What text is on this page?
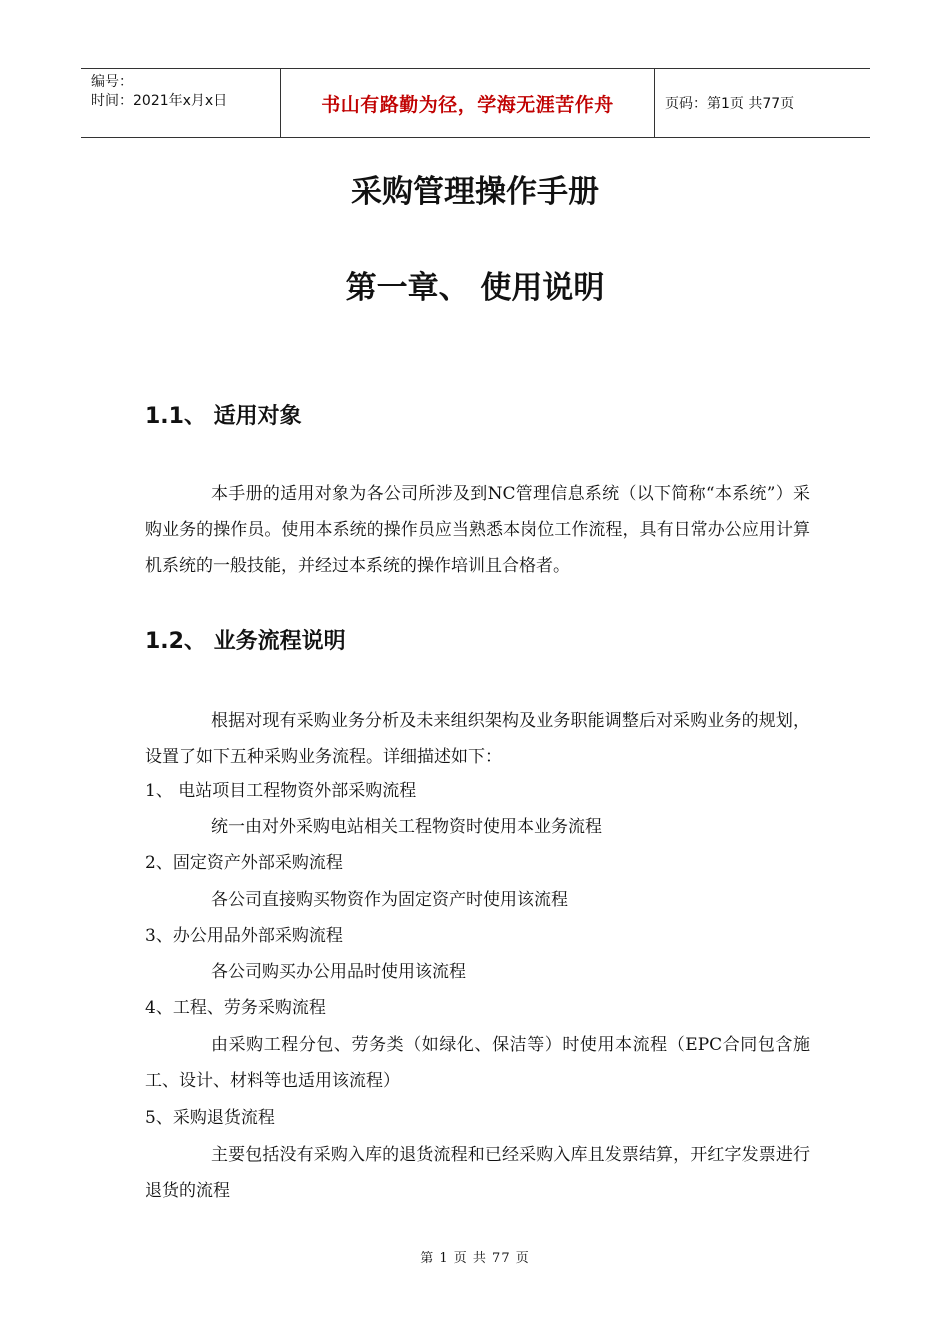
编号：
时间：2021年x月x日	书山有路勤为径，学海无涯苦作舟	页码：第1页 共77页
采购管理操作手册
第一章、 使用说明
1.1、 适用对象
本手册的适用对象为各公司所涉及到NC管理信息系统（以下简称“本系统”）采购业务的操作员。使用本系统的操作员应当熟悉本岗位工作流程，具有日常办公应用计算机系统的一般技能，并经过本系统的操作培训且合格者。
1.2、 业务流程说明
根据对现有采购业务分析及未来组织架构及业务职能调整后对采购业务的规划，设置了如下五种采购业务流程。详细描述如下：
1、 电站项目工程物资外部采购流程
统一由对外采购电站相关工程物资时使用本业务流程
2、固定资产外部采购流程
各公司直接购买物资作为固定资产时使用该流程
3、办公用品外部采购流程
各公司购买办公用品时使用该流程
4、工程、劳务采购流程
由采购工程分包、劳务类（如绿化、保洁等）时使用本流程（EPC合同包含施工、设计、材料等也适用该流程）
5、采购退货流程
主要包括没有采购入库的退货流程和已经采购入库且发票结算，开红字发票进行退货的流程
第 1 页 共 77 页
